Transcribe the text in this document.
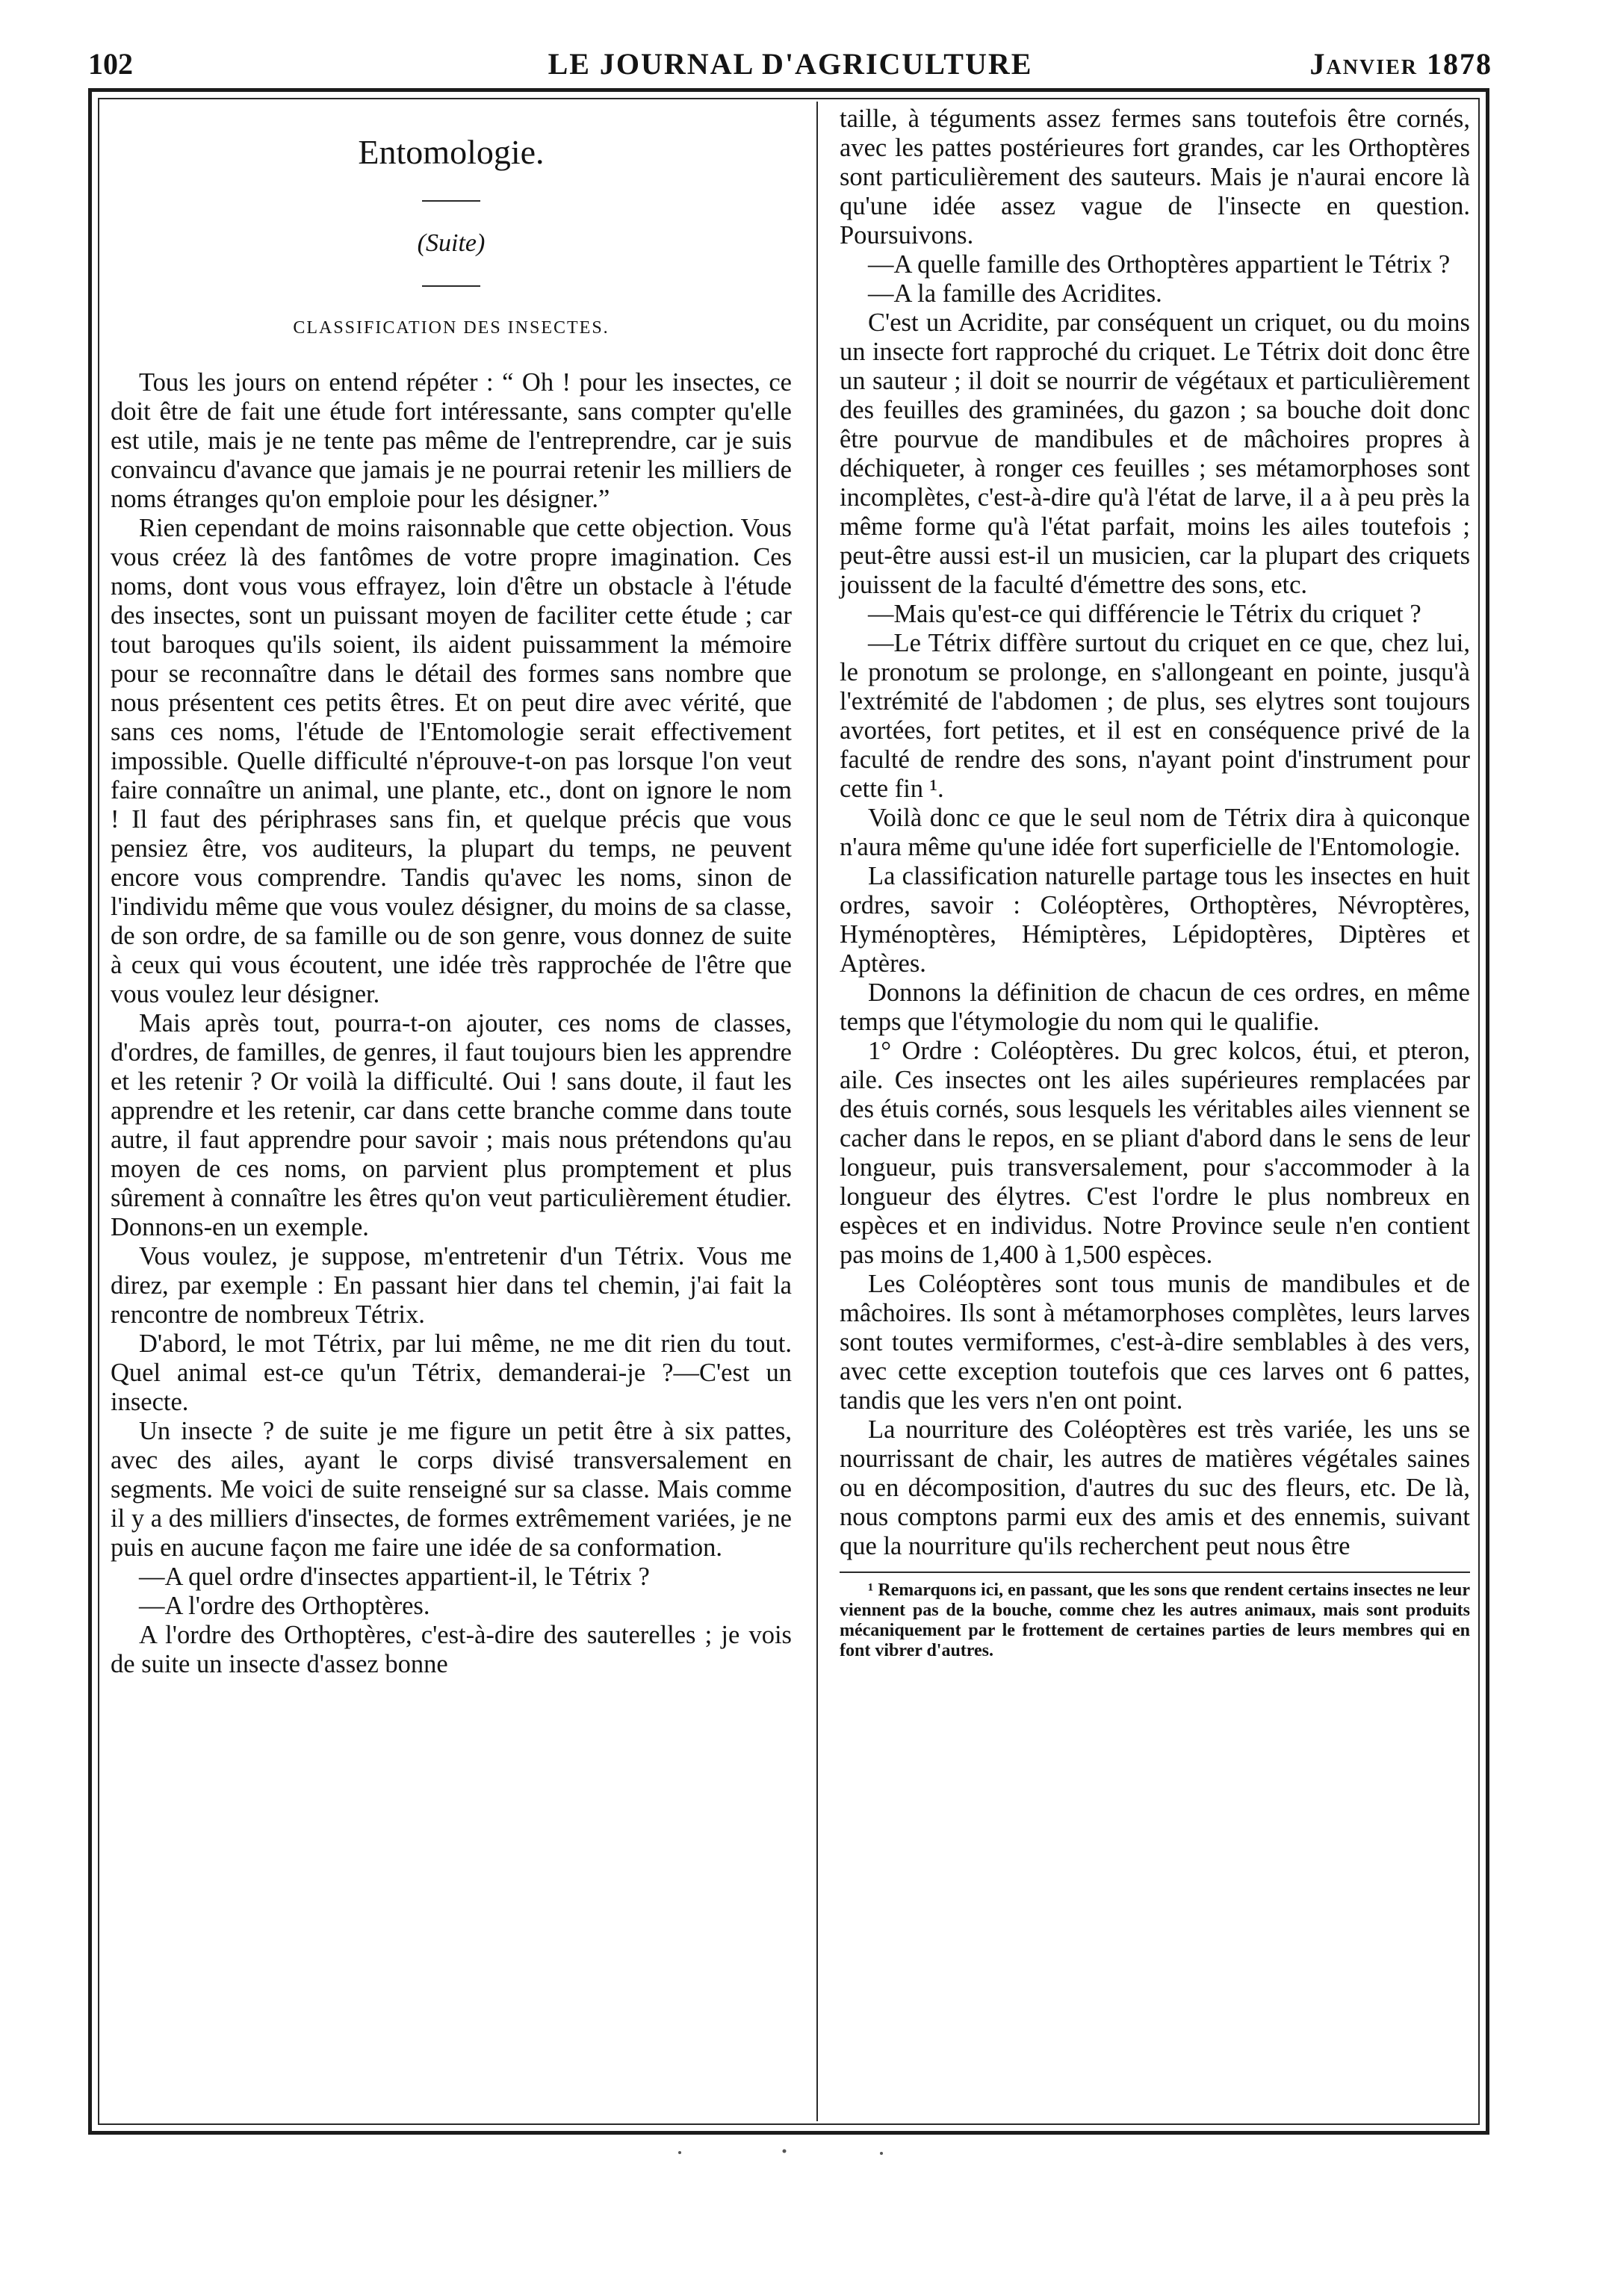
102	LE JOURNAL D'AGRICULTURE	Janvier 1878
Entomologie.
(Suite)
CLASSIFICATION DES INSECTES.

Tous les jours on entend répéter : “ Oh ! pour les insectes, ce doit être de fait une étude fort intéressante, sans compter qu'elle est utile, mais je ne tente pas même de l'entreprendre, car je suis convaincu d'avance que jamais je ne pourrai retenir les milliers de noms étranges qu'on emploie pour les désigner.”

Rien cependant de moins raisonnable que cette objection. Vous vous créez là des fantômes de votre propre imagination. Ces noms, dont vous vous effrayez, loin d'être un obstacle à l'étude des insectes, sont un puissant moyen de faciliter cette étude ; car tout baroques qu'ils soient, ils aident puissamment la mémoire pour se reconnaître dans le détail des formes sans nombre que nous présentent ces petits êtres. Et on peut dire avec vérité, que sans ces noms, l'étude de l'Entomologie serait effectivement impossible. Quelle difficulté n'éprouve-t-on pas lorsque l'on veut faire connaître un animal, une plante, etc., dont on ignore le nom ! Il faut des périphrases sans fin, et quelque précis que vous pensiez être, vos auditeurs, la plupart du temps, ne peuvent encore vous comprendre. Tandis qu'avec les noms, sinon de l'individu même que vous voulez désigner, du moins de sa classe, de son ordre, de sa famille ou de son genre, vous donnez de suite à ceux qui vous écoutent, une idée très rapprochée de l'être que vous voulez leur désigner.

Mais après tout, pourra-t-on ajouter, ces noms de classes, d'ordres, de familles, de genres, il faut toujours bien les apprendre et les retenir ? Or voilà la difficulté. Oui ! sans doute, il faut les apprendre et les retenir, car dans cette branche comme dans toute autre, il faut apprendre pour savoir ; mais nous prétendons qu'au moyen de ces noms, on parvient plus promptement et plus sûrement à connaître les êtres qu'on veut particulièrement étudier. Donnons-en un exemple.

Vous voulez, je suppose, m'entretenir d'un Tétrix. Vous me direz, par exemple : En passant hier dans tel chemin, j'ai fait la rencontre de nombreux Tétrix.

D'abord, le mot Tétrix, par lui même, ne me dit rien du tout. Quel animal est-ce qu'un Tétrix, demanderai-je ?—C'est un insecte.

Un insecte ? de suite je me figure un petit être à six pattes, avec des ailes, ayant le corps divisé transversalement en segments. Me voici de suite renseigné sur sa classe. Mais comme il y a des milliers d'insectes, de formes extrêmement variées, je ne puis en aucune façon me faire une idée de sa conformation.

—A quel ordre d'insectes appartient-il, le Tétrix ?

—A l'ordre des Orthoptères.

A l'ordre des Orthoptères, c'est-à-dire des sauterelles ; je vois de suite un insecte d'assez bonne

taille, à téguments assez fermes sans toutefois être cornés, avec les pattes postérieures fort grandes, car les Orthoptères sont particulièrement des sauteurs. Mais je n'aurai encore là qu'une idée assez vague de l'insecte en question. Poursuivons.

—A quelle famille des Orthoptères appartient le Tétrix ?

—A la famille des Acridites.

C'est un Acridite, par conséquent un criquet, ou du moins un insecte fort rapproché du criquet. Le Tétrix doit donc être un sauteur ; il doit se nourrir de végétaux et particulièrement des feuilles des graminées, du gazon ; sa bouche doit donc être pourvue de mandibules et de mâchoires propres à déchiqueter, à ronger ces feuilles ; ses métamorphoses sont incomplètes, c'est-à-dire qu'à l'état de larve, il a à peu près la même forme qu'à l'état parfait, moins les ailes toutefois ; peut-être aussi est-il un musicien, car la plupart des criquets jouissent de la faculté d'émettre des sons, etc.

—Mais qu'est-ce qui différencie le Tétrix du criquet ?

—Le Tétrix diffère surtout du criquet en ce que, chez lui, le pronotum se prolonge, en s'allongeant en pointe, jusqu'à l'extrémité de l'abdomen ; de plus, ses elytres sont toujours avortées, fort petites, et il est en conséquence privé de la faculté de rendre des sons, n'ayant point d'instrument pour cette fin ¹.

Voilà donc ce que le seul nom de Tétrix dira à quiconque n'aura même qu'une idée fort superficielle de l'Entomologie.

La classification naturelle partage tous les insectes en huit ordres, savoir : Coléoptères, Orthoptères, Névroptères, Hyménoptères, Hémiptères, Lépidoptères, Diptères et Aptères.

Donnons la définition de chacun de ces ordres, en même temps que l'étymologie du nom qui le qualifie.

1° Ordre : Coléoptères. Du grec kolcos, étui, et pteron, aile. Ces insectes ont les ailes supérieures remplacées par des étuis cornés, sous lesquels les véritables ailes viennent se cacher dans le repos, en se pliant d'abord dans le sens de leur longueur, puis transversalement, pour s'accommoder à la longueur des élytres. C'est l'ordre le plus nombreux en espèces et en individus. Notre Province seule n'en contient pas moins de 1,400 à 1,500 espèces.

Les Coléoptères sont tous munis de mandibules et de mâchoires. Ils sont à métamorphoses complètes, leurs larves sont toutes vermiformes, c'est-à-dire semblables à des vers, avec cette exception toutefois que ces larves ont 6 pattes, tandis que les vers n'en ont point.

La nourriture des Coléoptères est très variée, les uns se nourrissant de chair, les autres de matières végétales saines ou en décomposition, d'autres du suc des fleurs, etc. De là, nous comptons parmi eux des amis et des ennemis, suivant que la nourriture qu'ils recherchent peut nous être

¹ Remarquons ici, en passant, que les sons que rendent certains insectes ne leur viennent pas de la bouche, comme chez les autres animaux, mais sont produits mécaniquement par le frottement de certaines parties de leurs membres qui en font vibrer d'autres.
